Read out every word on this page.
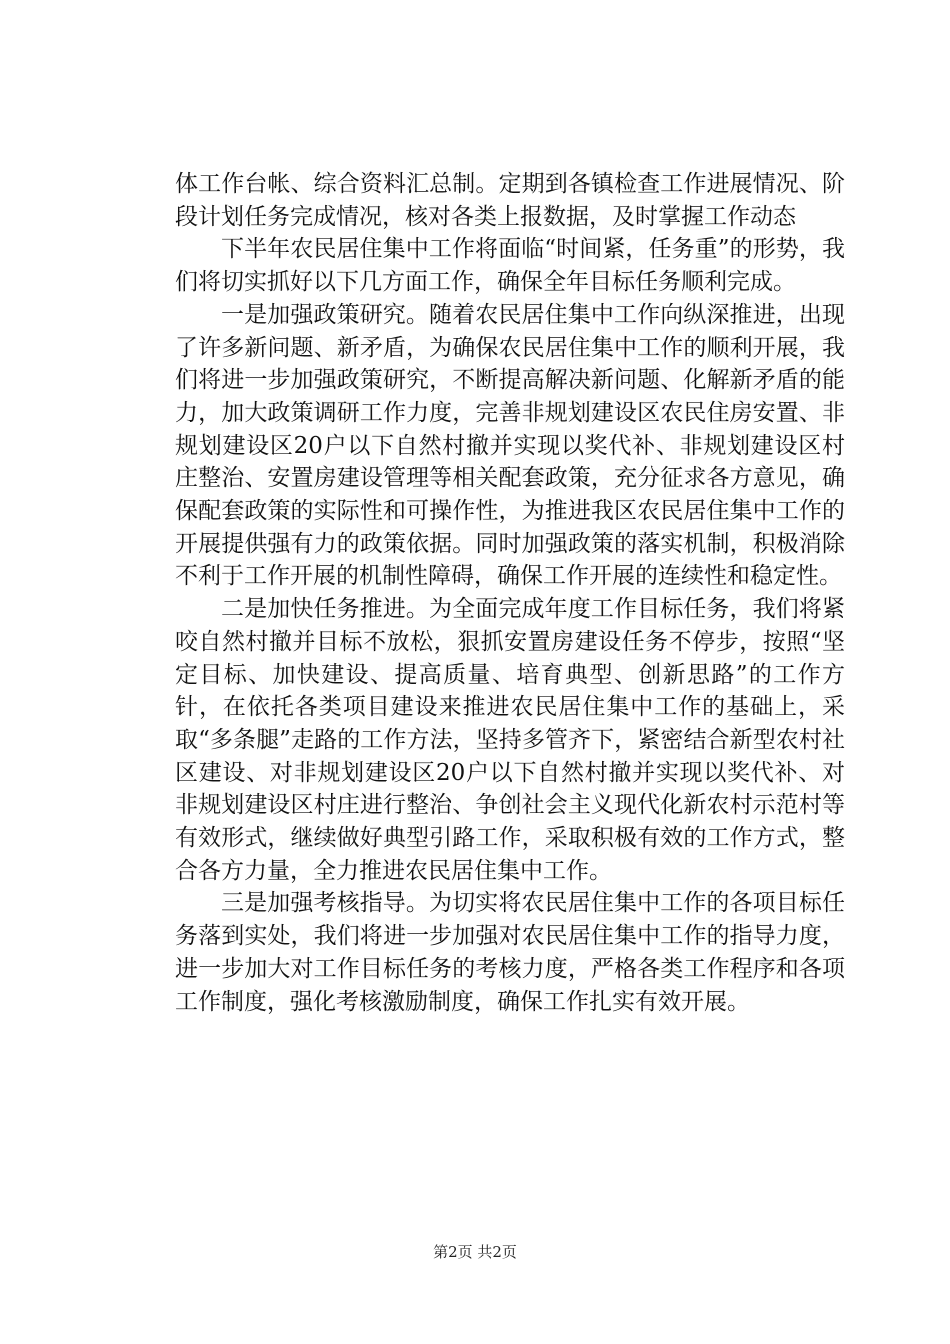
体工作台帐、综合资料汇总制。定期到各镇检查工作进展情况、阶段计划任务完成情况，核对各类上报数据，及时掌握工作动态

下半年农民居住集中工作将面临“时间紧，任务重”的形势，我们将切实抓好以下几方面工作，确保全年目标任务顺利完成。

一是加强政策研究。随着农民居住集中工作向纵深推进，出现了许多新问题、新矛盾，为确保农民居住集中工作的顺利开展，我们将进一步加强政策研究，不断提高解决新问题、化解新矛盾的能力，加大政策调研工作力度，完善非规划建设区农民住房安置、非规划建设区20户以下自然村撤并实现以奖代补、非规划建设区村庄整治、安置房建设管理等相关配套政策，充分征求各方意见，确保配套政策的实际性和可操作性，为推进我区农民居住集中工作的开展提供强有力的政策依据。同时加强政策的落实机制，积极消除不利于工作开展的机制性障碍，确保工作开展的连续性和稳定性。

二是加快任务推进。为全面完成年度工作目标任务，我们将紧咬自然村撤并目标不放松，狠抓安置房建设任务不停步，按照“坚定目标、加快建设、提高质量、培育典型、创新思路”的工作方针，在依托各类项目建设来推进农民居住集中工作的基础上，采取“多条腿”走路的工作方法，坚持多管齐下，紧密结合新型农村社区建设、对非规划建设区20户以下自然村撤并实现以奖代补、对非规划建设区村庄进行整治、争创社会主义现代化新农村示范村等有效形式，继续做好典型引路工作，采取积极有效的工作方式，整合各方力量，全力推进农民居住集中工作。

三是加强考核指导。为切实将农民居住集中工作的各项目标任务落到实处，我们将进一步加强对农民居住集中工作的指导力度，进一步加大对工作目标任务的考核力度，严格各类工作程序和各项工作制度，强化考核激励制度，确保工作扎实有效开展。

第2页 共2页
